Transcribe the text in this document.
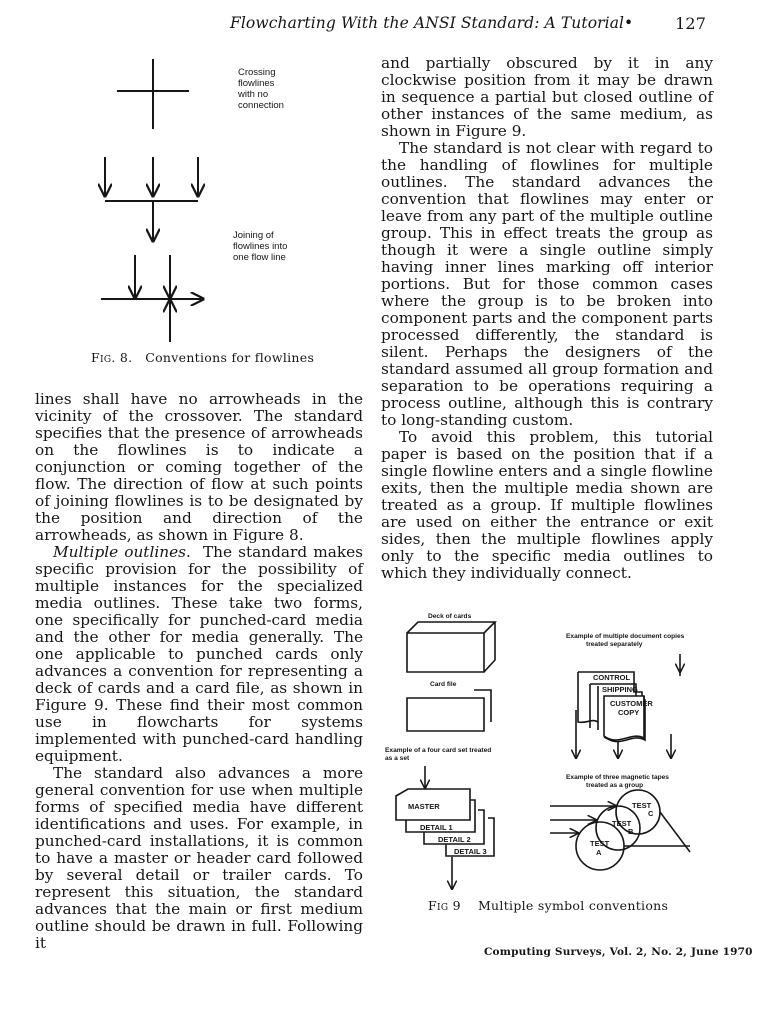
Flowcharting With the ANSI Standard: A Tutorial •	127
Crossing flowlines with no connection
Joining of flowlines into one flow line
Fig. 8. Conventions for flowlines

lines shall have no arrowheads in the vicinity of the crossover. The standard specifies that the presence of arrowheads on the flowlines is to indicate a conjunction or coming together of the flow. The direction of flow at such points of joining flowlines is to be designated by the position and direction of the arrowheads, as shown in Figure 8.

Multiple outlines. The standard makes specific provision for the possibility of multiple instances for the specialized media outlines. These take two forms, one specifically for punched-card media and the other for media generally. The one applicable to punched cards only advances a convention for representing a deck of cards and a card file, as shown in Figure 9. These find their most common use in flowcharts for systems implemented with punched-card handling equipment.

The standard also advances a more general convention for use when multiple forms of specified media have different identifications and uses. For example, in punched-card installations, it is common to have a master or header card followed by several detail or trailer cards. To represent this situation, the standard advances that the main or first medium outline should be drawn in full. Following it

and partially obscured by it in any clockwise position from it may be drawn in sequence a partial but closed outline of other instances of the same medium, as shown in Figure 9.

The standard is not clear with regard to the handling of flowlines for multiple outlines. The standard advances the convention that flowlines may enter or leave from any part of the multiple outline group. This in effect treats the group as though it were a single outline simply having inner lines marking off interior portions. But for those common cases where the group is to be broken into component parts and the component parts processed differently, the standard is silent. Perhaps the designers of the standard assumed all group formation and separation to be operations requiring a process outline, although this is contrary to long-standing custom.

To avoid this problem, this tutorial paper is based on the position that if a single flowline enters and a single flowline exits, then the multiple media shown are treated as a group. If multiple flowlines are used on either the entrance or exit sides, then the multiple flowlines apply only to the specific media outlines to which they individually connect.

Deck of cards
Card file
Example of multiple document copies treated separately
CONTROL
SHIPPING
CUSTOMER COPY
Example of a four card set treated as a set
MASTER
DETAIL 1
DETAIL 2
DETAIL 3
Example of three magnetic tapes treated as a group
TEST C
TEST B
TEST A
Fig 9 Multiple symbol conventions
Computing Surveys, Vol. 2, No. 2, June 1970
